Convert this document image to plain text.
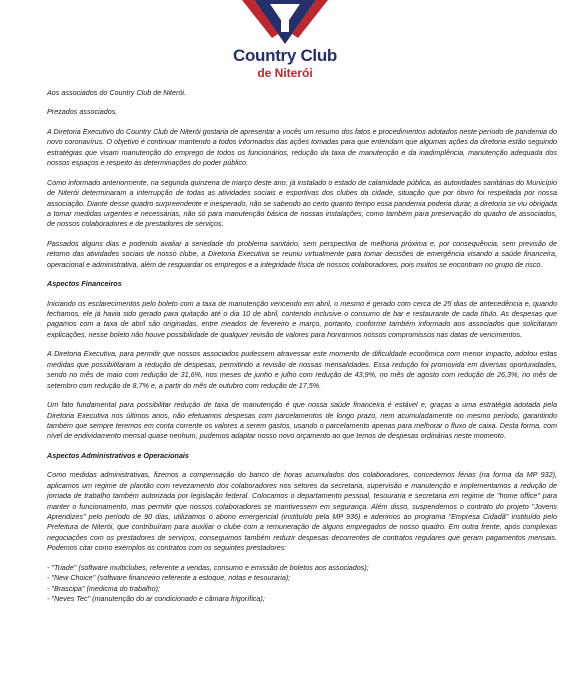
Country Club
de Niterói

Aos associados do Country Club de Niterói.

Prezados associados,

A Diretoria Executivo do Country Club de Niterói gostaria de apresentar a vocês um resumo dos fatos e procedimentos adotados neste período de pandemia do novo coronavírus. O objetivo é continuar mantendo a todos informados das ações tomadas para que entendam que algumas ações da diretoria estão seguindo estratégias que visam manutenção do emprego de todos os funcionários, redução da taxa de manutenção e da inadimplência, manutenção adequada dos nossos espaços e respeito às determinações do poder público.

Como informado anteriormente, na segunda quinzena de março deste ano, já instalado o estado de calamidade pública, as autoridades sanitárias do Município de Niterói determinaram a interrupção de todas as atividades sociais e esportivas dos clubes da cidade, situação que por óbvio foi respeitada por nossa associação. Diante desse quadro surpreendente e inesperado, não se sabendo ao certo quanto tempo essa pandemia poderia durar, a diretoria se viu obrigada a tomar medidas urgentes e necessárias, não só para manutenção básica de nossas instalações, como também para preservação do quadro de associados, de nossos colaboradores e de prestadores de serviços.

Passados alguns dias e podendo avaliar a seriedade do problema sanitário, sem perspectiva de melhoria próxima e, por consequência, sem previsão de retorno das atividades sociais de nosso clube, a Diretoria Executiva se reuniu virtualmente para tomar decisões de emergência visando a saúde financeira, operacional e administrativa, além de resguardar os empregos e a integridade física de nossos colaboradores, pois muitos se encontram no grupo de risco.

Aspectos Financeiros

Iniciando os esclarecimentos pelo boleto com a taxa de manutenção vencendo em abril, o mesmo é gerado com cerca de 25 dias de antecedência e, quando fechamos, ele já havia sido gerado para quitação até o dia 10 de abril, contendo inclusive o consumo de bar e restaurante de cada título. As despesas que pagamos com a taxa de abril são originadas, entre meados de fevereiro e março, portanto, conforme também informado aos associados que solicitaram explicações, nesse boleto não houve possibilidade de qualquer revisão de valores para honrarmos nossos compromissos nas datas de vencimentos.

A Diretoria Executiva, para permitir que nossos associados pudessem atravessar este momento de dificuldade econômica com menor impacto, adotou estas medidas que possibilitaram a redução de despesas, permitindo a revisão de nossas mensalidades. Essa redução foi promovida em diversas oportunidades, sendo no mês de maio com redução de 31,6%, nos meses de junho e julho com redução de 43,9%, no mês de agosto com redução de 26,3%, no mês de setembro com redução de 8,7% e, a partir do mês de outubro com redução de 17,5%.

Um fato fundamental para possibilitar redução de taxa de manutenção é que nossa saúde financeira é estável e, graças a uma estratégia adotada pela Diretoria Executiva nos últimos anos, não efetuamos despesas com parcelamentos de longo prazo, nem acumuladamente no mesmo período, garantindo também que sempre teremos em conta corrente os valores a serem gastos, usando o parcelamento apenas para melhorar o fluxo de caixa. Desta forma, com nível de endividamento mensal quase nenhum, pudemos adaptar nosso novo orçamento ao que temos de despesas ordinárias neste momento.

Aspectos Administrativos e Operacionais

Como medidas administrativas, fizemos a compensação do banco de horas acumulados dos colaboradores, concedemos férias (na forma da MP 932), aplicamos um regime de plantão com revezamento dos colaboradores nos setores da secretaria, supervisão e manutenção e implementamos a redução de jornada de trabalho também autorizada por legislação federal. Colocamos o departamento pessoal, tesouraria e secretaria em regime de "home office" para manter o funcionamento, mas permitir que nossos colaboradores se mantivessem em segurança. Além disso, suspendemos o contrato do projeto "Jovens Aprendizes" pelo período de 90 dias, utilizamos o abono emergencial (instituído pela MP 936) e aderimos ao programa "Empresa Cidadã" instituído pelo Prefeitura de Niterói, que contribuíram para auxiliar o clube com a remuneração de alguns empregados de nosso quadro. Em outra frente, após complexas negociações com os prestadores de serviços, conseguimos também reduzir despesas decorrentes de contratos regulares que geram pagamentos mensais. Podemos citar como exemplos os contratos com os seguintes prestadores:

- "Triade" (software multiclubes, referente a vendas, consumo e emissão de boletos aos associados);
- "New Choice" (software financeiro referente a estoque, notas e tesouraria);
- "Brascipa" (medicina do trabalho);
- "Neves Tec" (manutenção do ar condicionado e câmara frigorífica);
